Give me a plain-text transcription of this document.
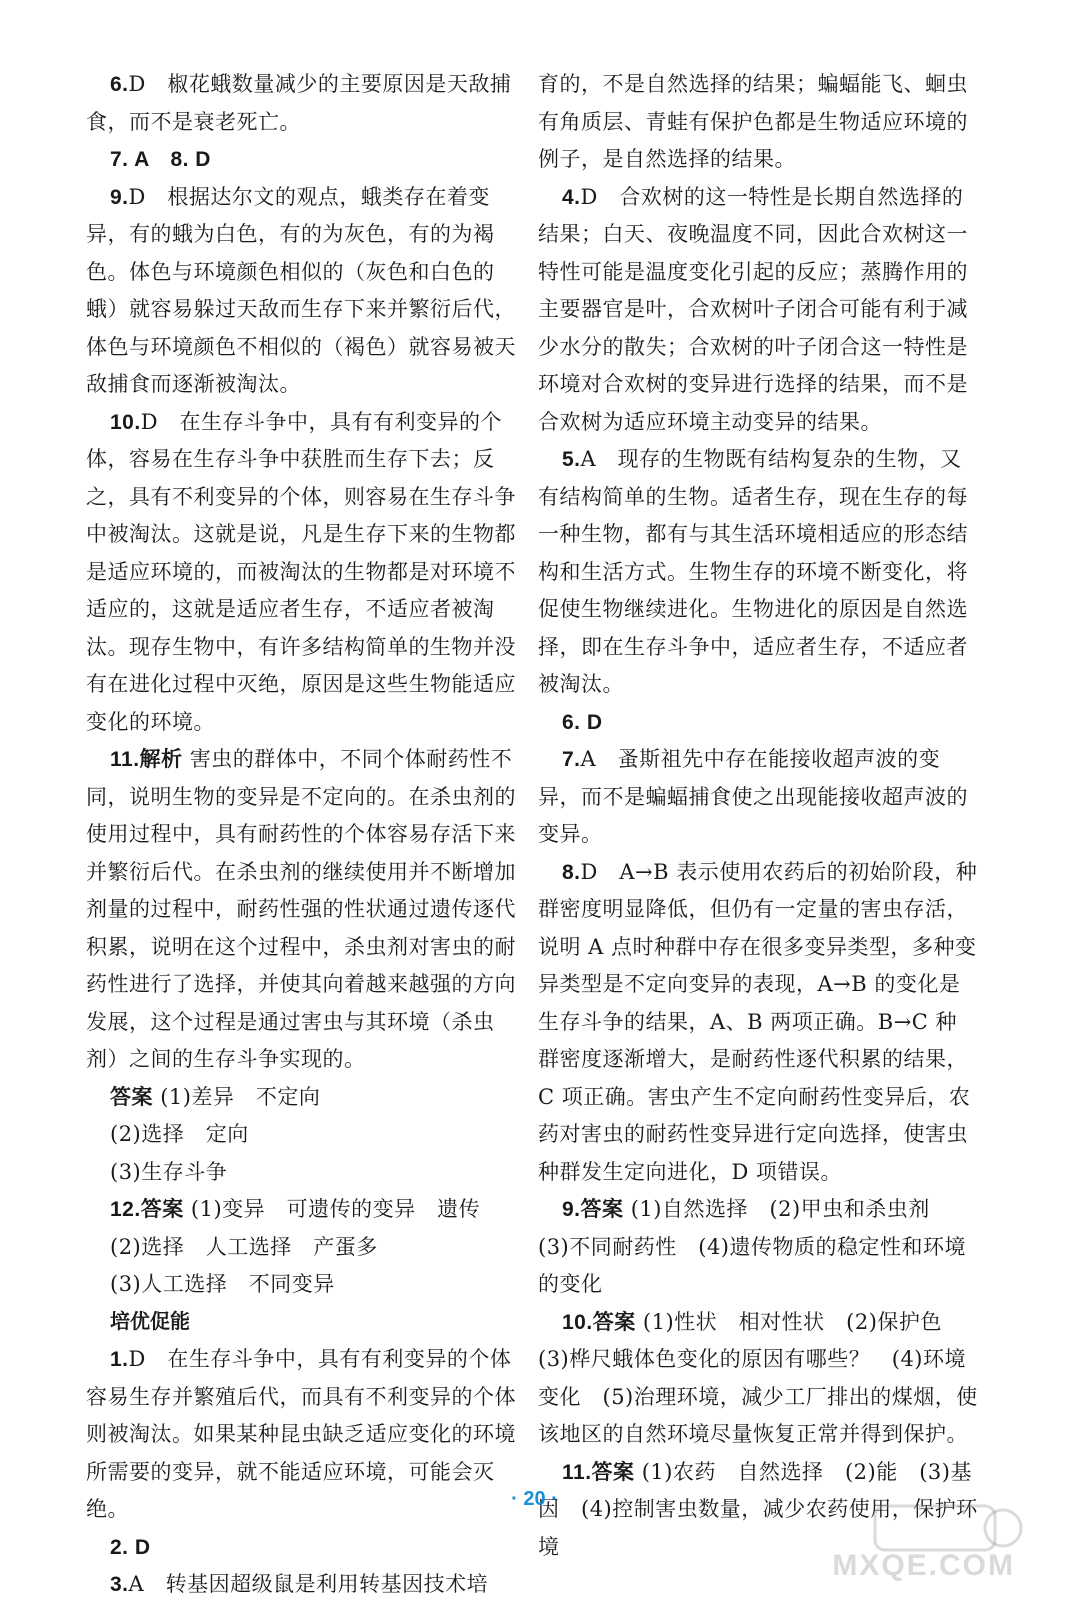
6.D　椒花蛾数量减少的主要原因是天敌捕食，而不是衰老死亡。

7. A　8. D

9.D　根据达尔文的观点，蛾类存在着变异，有的蛾为白色，有的为灰色，有的为褐色。体色与环境颜色相似的（灰色和白色的蛾）就容易躲过天敌而生存下来并繁衍后代，体色与环境颜色不相似的（褐色）就容易被天敌捕食而逐渐被淘汰。

10.D　在生存斗争中，具有有利变异的个体，容易在生存斗争中获胜而生存下去；反之，具有不利变异的个体，则容易在生存斗争中被淘汰。这就是说，凡是生存下来的生物都是适应环境的，而被淘汰的生物都是对环境不适应的，这就是适应者生存，不适应者被淘汰。现存生物中，有许多结构简单的生物并没有在进化过程中灭绝，原因是这些生物能适应变化的环境。

11.解析 害虫的群体中，不同个体耐药性不同，说明生物的变异是不定向的。在杀虫剂的使用过程中，具有耐药性的个体容易存活下来并繁衍后代。在杀虫剂的继续使用并不断增加剂量的过程中，耐药性强的性状通过遗传逐代积累，说明在这个过程中，杀虫剂对害虫的耐药性进行了选择，并使其向着越来越强的方向发展，这个过程是通过害虫与其环境（杀虫剂）之间的生存斗争实现的。

答案 (1)差异　不定向

(2)选择　定向

(3)生存斗争

12.答案 (1)变异　可遗传的变异　遗传

(2)选择　人工选择　产蛋多

(3)人工选择　不同变异

培优促能

1.D　在生存斗争中，具有有利变异的个体容易生存并繁殖后代，而具有不利变异的个体则被淘汰。如果某种昆虫缺乏适应变化的环境所需要的变异，就不能适应环境，可能会灭绝。

2. D

3.A　转基因超级鼠是利用转基因技术培

育的，不是自然选择的结果；蝙蝠能飞、蛔虫有角质层、青蛙有保护色都是生物适应环境的例子，是自然选择的结果。

4.D　合欢树的这一特性是长期自然选择的结果；白天、夜晚温度不同，因此合欢树这一特性可能是温度变化引起的反应；蒸腾作用的主要器官是叶，合欢树叶子闭合可能有利于减少水分的散失；合欢树的叶子闭合这一特性是环境对合欢树的变异进行选择的结果，而不是合欢树为适应环境主动变异的结果。

5.A　现存的生物既有结构复杂的生物，又有结构简单的生物。适者生存，现在生存的每一种生物，都有与其生活环境相适应的形态结构和生活方式。生物生存的环境不断变化，将促使生物继续进化。生物进化的原因是自然选择，即在生存斗争中，适应者生存，不适应者被淘汰。

6. D

7.A　蚤斯祖先中存在能接收超声波的变异，而不是蝙蝠捕食使之出现能接收超声波的变异。

8.D　A→B 表示使用农药后的初始阶段，种群密度明显降低，但仍有一定量的害虫存活，说明 A 点时种群中存在很多变异类型，多种变异类型是不定向变异的表现，A→B 的变化是生存斗争的结果，A、B 两项正确。B→C 种群密度逐渐增大，是耐药性逐代积累的结果，C 项正确。害虫产生不定向耐药性变异后，农药对害虫的耐药性变异进行定向选择，使害虫种群发生定向进化，D 项错误。

9.答案 (1)自然选择　(2)甲虫和杀虫剂　(3)不同耐药性　(4)遗传物质的稳定性和环境的变化

10.答案 (1)性状　相对性状　(2)保护色　(3)桦尺蛾体色变化的原因有哪些？　(4)环境变化　(5)治理环境，减少工厂排出的煤烟，使该地区的自然环境尽量恢复正常并得到保护。

11.答案 (1)农药　自然选择　(2)能　(3)基因　(4)控制害虫数量，减少农药使用，保护环境

· 20 ·
MXQE.COM
